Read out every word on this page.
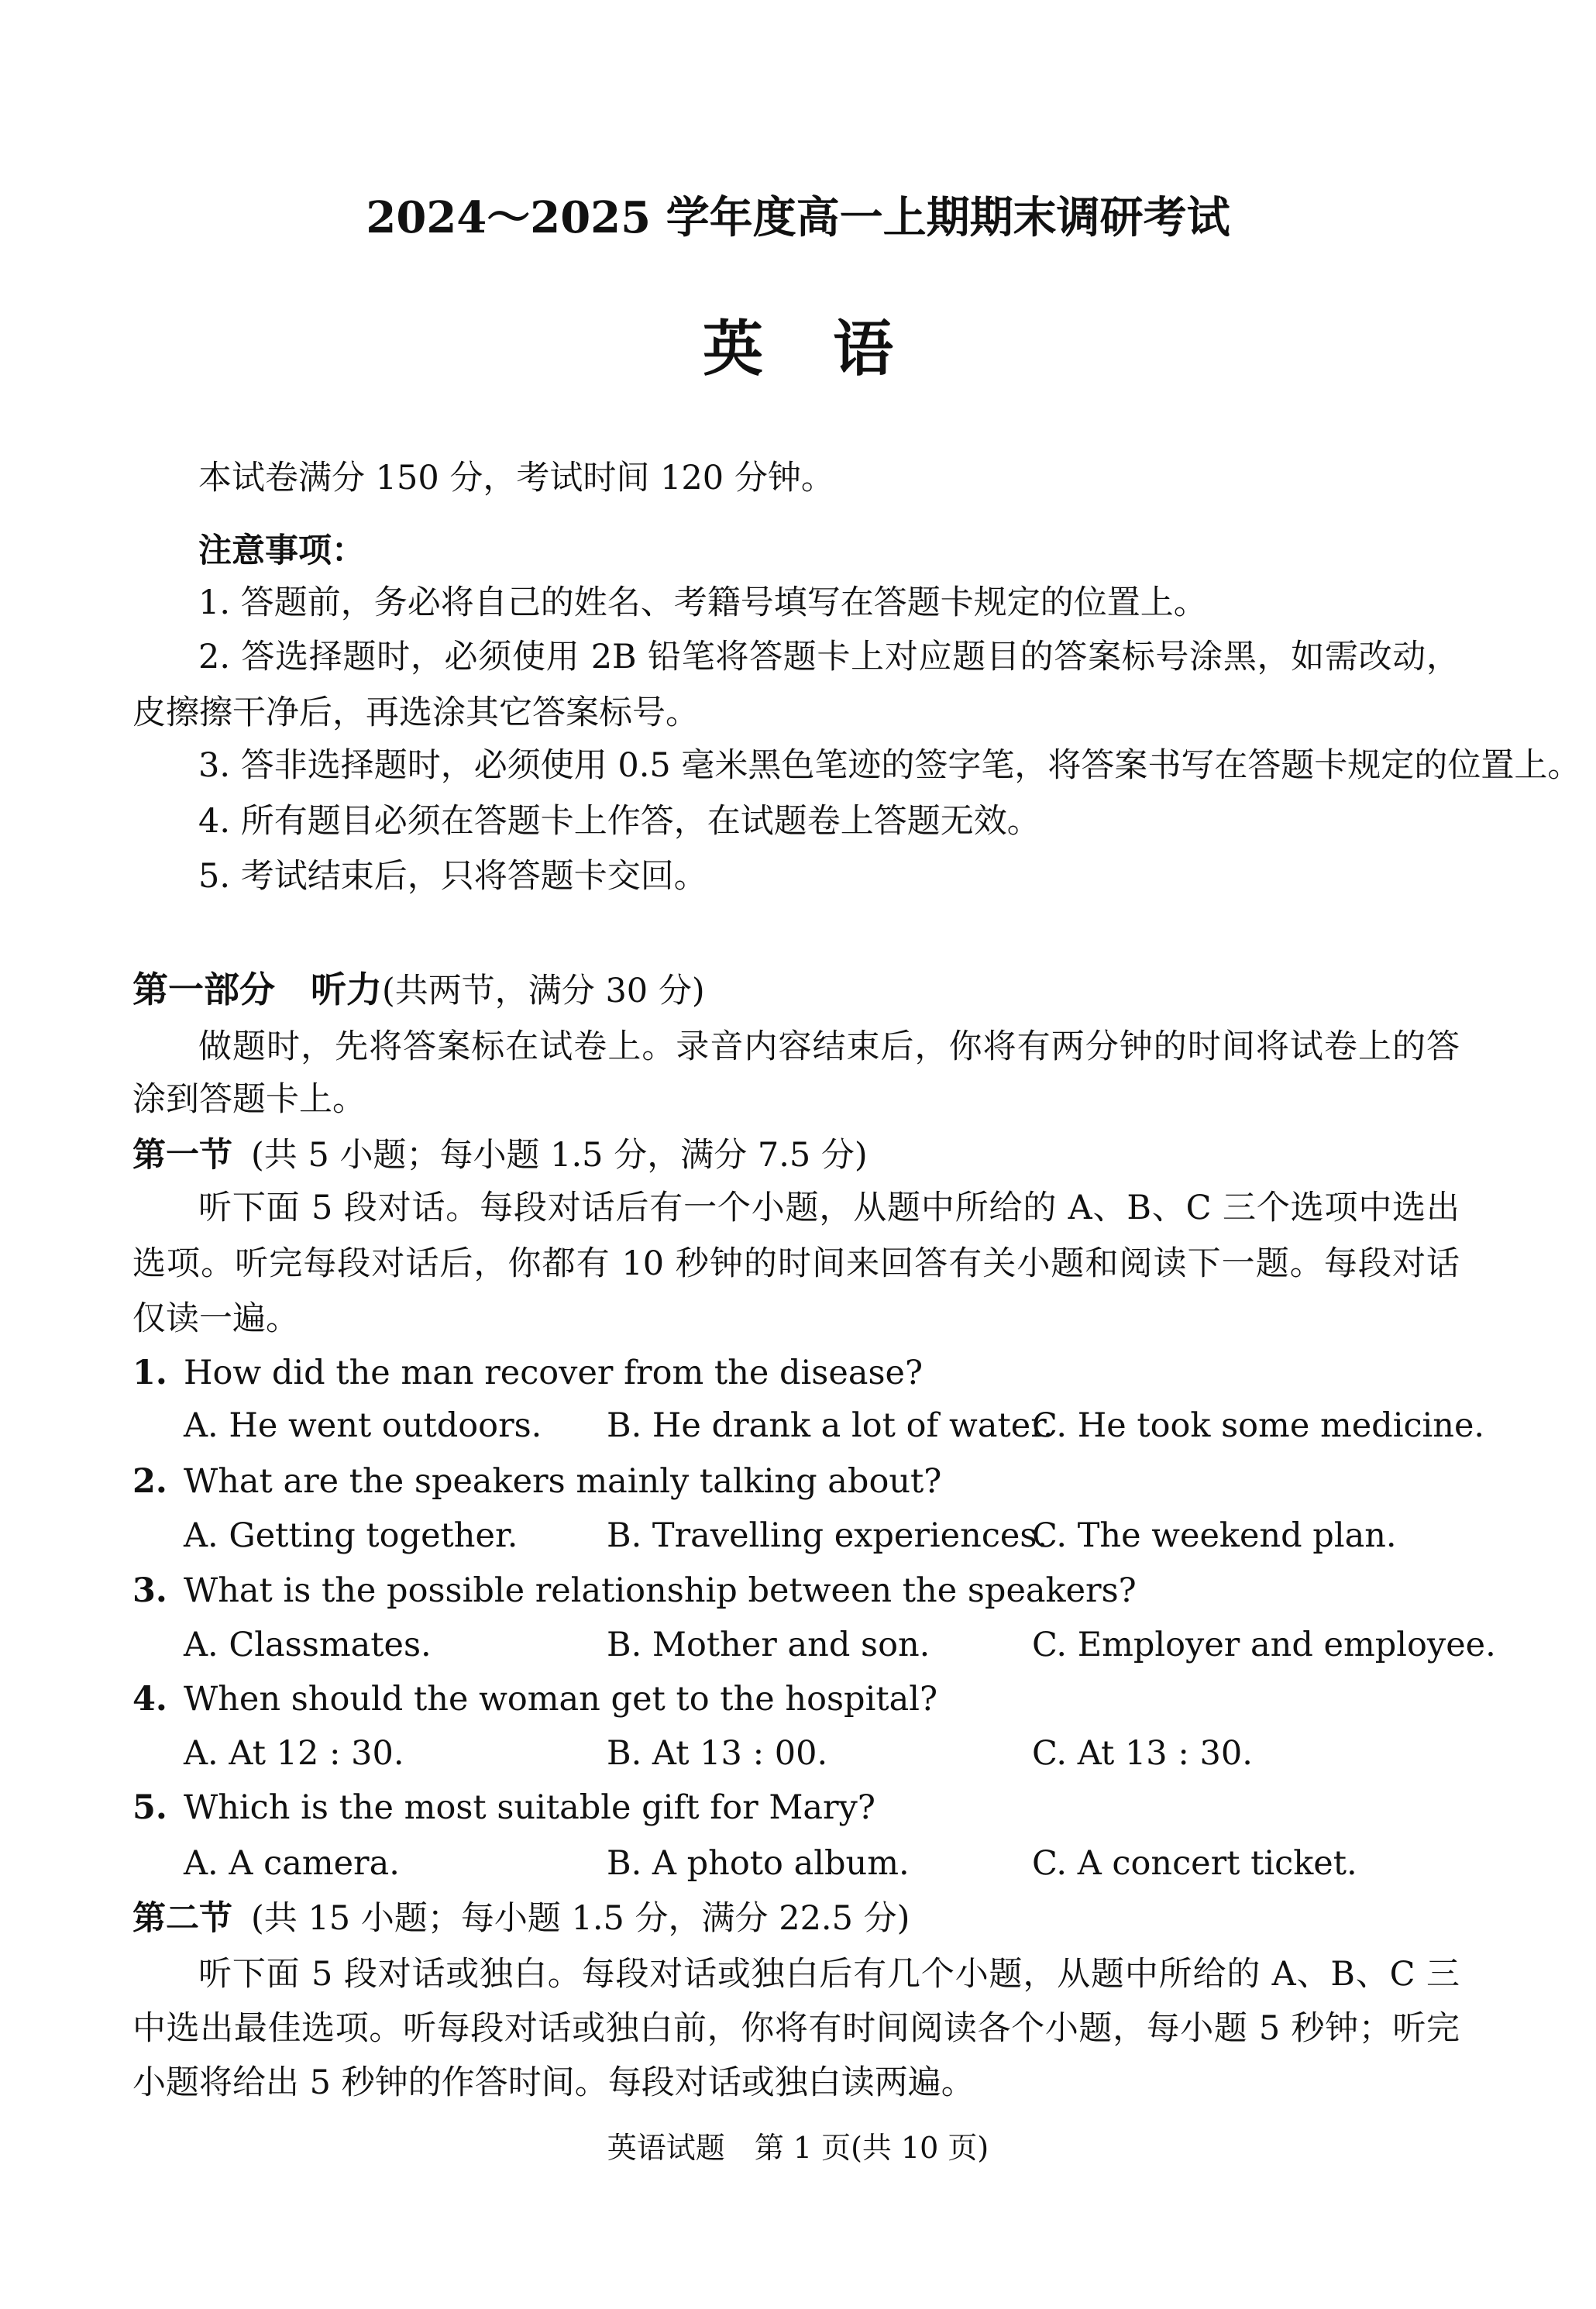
​
2024～2025 学年度高一上期期末调研考试
英语
本试卷满分 150 分，考试时间 120 分钟。
注意事项：
1. 答题前，务必将自己的姓名、考籍号填写在答题卡规定的位置上。
2. 答选择题时，必须使用 2B 铅笔将答题卡上对应题目的答案标号涂黑，如需改动，
皮擦擦干净后，再选涂其它答案标号。
3. 答非选择题时，必须使用 0.5 毫米黑色笔迹的签字笔，将答案书写在答题卡规定的位置上。
4. 所有题目必须在答题卡上作答，在试题卷上答题无效。
5. 考试结束后，只将答题卡交回。
第一部分　听力(共两节，满分 30 分)
做题时，先将答案标在试卷上。录音内容结束后，你将有两分钟的时间将试卷上的答
涂到答题卡上。
第一节 (共 5 小题；每小题 1.5 分，满分 7.5 分)
听下面 5 段对话。每段对话后有一个小题，从题中所给的 A、B、C 三个选项中选出
选项。听完每段对话后，你都有 10 秒钟的时间来回答有关小题和阅读下一题。每段对话
仅读一遍。
1. How did the man recover from the disease?
A. He went outdoors. B. He drank a lot of water.
C. He took some medicine.
2. What are the speakers mainly talking about?
A. Getting together.	B. Travelling experiences.
C. The weekend plan.
3. What is the possible relationship between the speakers?
A. Classmates.	B. Mother and son.	C. Employer and employee.
4. When should the woman get to the hospital?
A. At 12 : 30.	B. At 13 : 00.	C. At 13 : 30.
5. Which is the most suitable gift for Mary?
A. A camera.	B. A photo album.	C. A concert ticket.
第二节 (共 15 小题；每小题 1.5 分，满分 22.5 分)
听下面 5 段对话或独白。每段对话或独白后有几个小题，从题中所给的 A、B、C 三
中选出最佳选项。听每段对话或独白前，你将有时间阅读各个小题，每小题 5 秒钟；听完
小题将给出 5 秒钟的作答时间。每段对话或独白读两遍。
英语试题　第 1 页(共 10 页)
